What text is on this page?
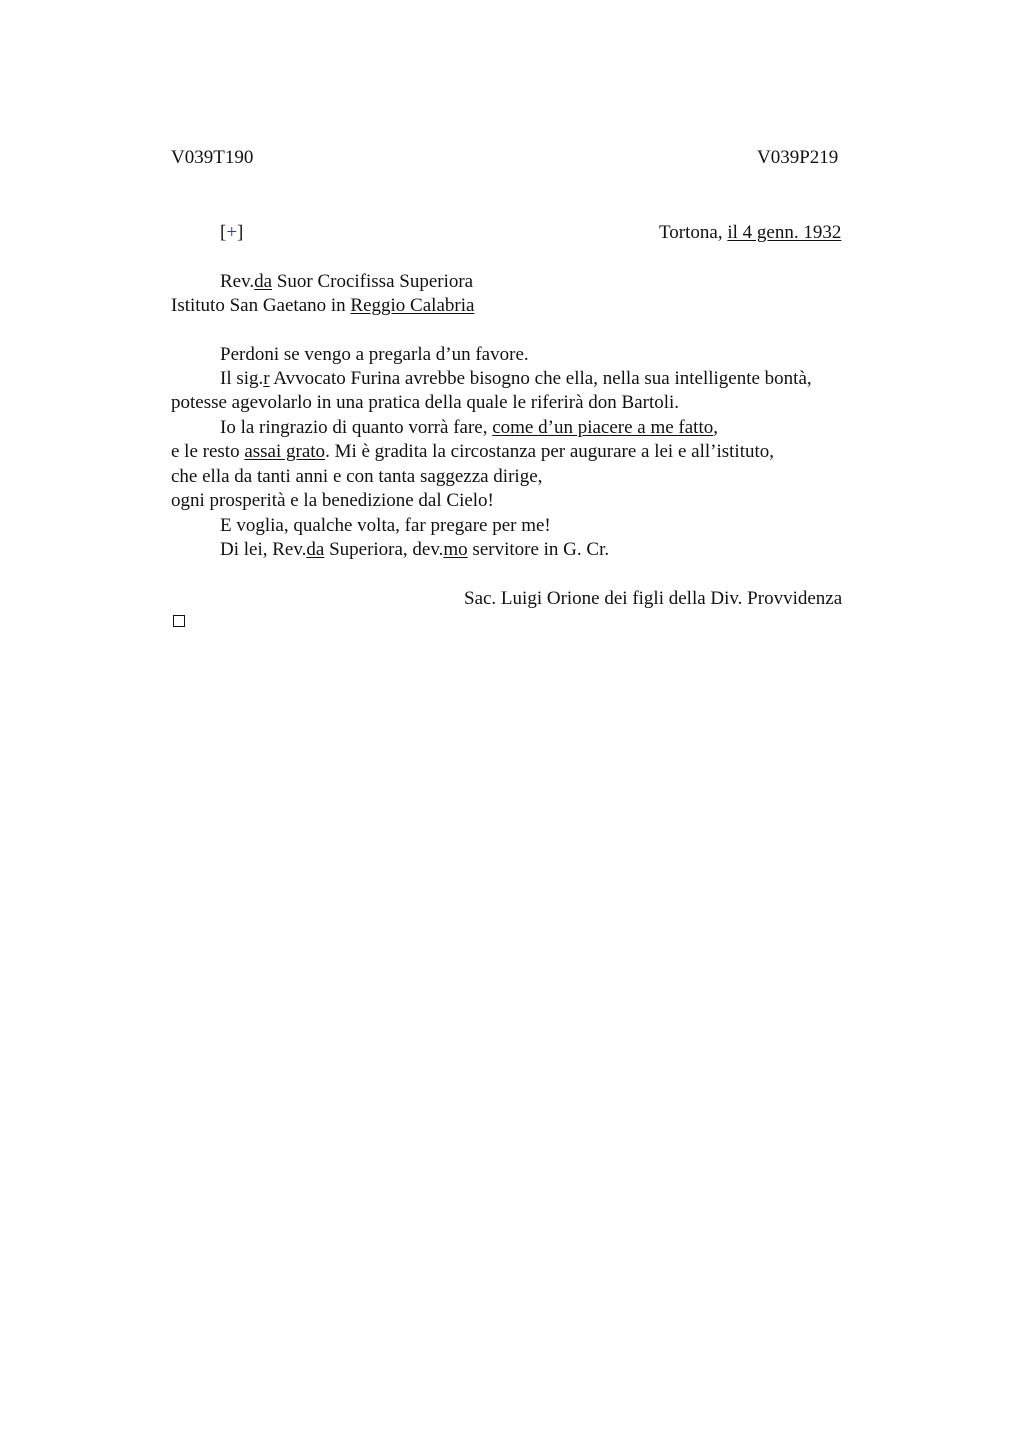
V039T190	V039P219
[+]	Tortona, il 4 genn. 1932
Rev.da Suor Crocifissa Superiora
Istituto San Gaetano in Reggio Calabria
Perdoni se vengo a pregarla d’un favore.
Il sig.r Avvocato Furina avrebbe bisogno che ella, nella sua intelligente bontà,
potesse agevolarlo in una pratica della quale le riferirà don Bartoli.
Io la ringrazio di quanto vorrà fare, come d’un piacere a me fatto,
e le resto assai grato. Mi è gradita la circostanza per augurare a lei e all’istituto,
che ella da tanti anni e con tanta saggezza dirige,
ogni prosperità e la benedizione dal Cielo!
E voglia, qualche volta, far pregare per me!
Di lei, Rev.da Superiora, dev.mo servitore in G. Cr.
Sac. Luigi Orione dei figli della Div. Provvidenza
